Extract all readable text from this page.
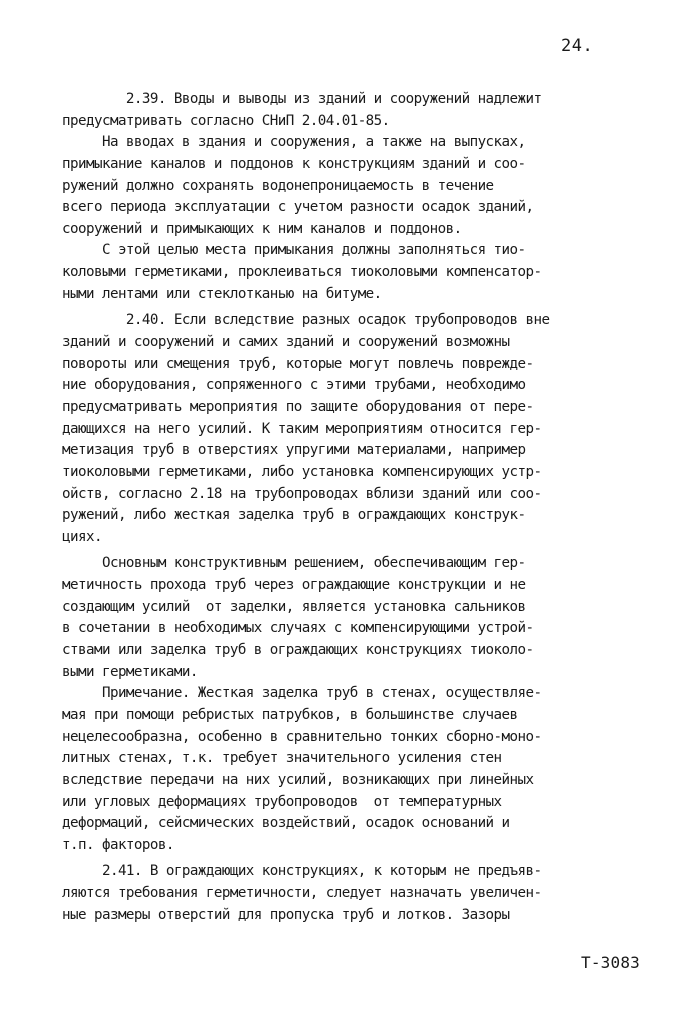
24.
2.39. Вводы и выводы из зданий и сооружений надлежит
предусматривать согласно СНиП 2.04.01-85.
На вводах в здания и сооружения, а также на выпусках,
примыкание каналов и поддонов к конструкциям зданий и соо-
ружений должно сохранять водонепроницаемость в течение
всего периода эксплуатации с учетом разности осадок зданий,
сооружений и примыкающих к ним каналов и поддонов.
С этой целью места примыкания должны заполняться тио-
коловыми герметиками, проклеиваться тиоколовыми компенсатор-
ными лентами или стеклотканью на битуме.
2.40. Если вследствие разных осадок трубопроводов вне
зданий и сооружений и самих зданий и сооружений возможны
повороты или смещения труб, которые могут повлечь поврежде-
ние оборудования, сопряженного с этими трубами, необходимо
предусматривать мероприятия по защите оборудования от пере-
дающихся на него усилий. К таким мероприятиям относится гер-
метизация труб в отверстиях упругими материалами, например
тиоколовыми герметиками, либо установка компенсирующих устр-
ойств, согласно 2.18 на трубопроводах вблизи зданий или соо-
ружений, либо жесткая заделка труб в ограждающих конструк-
циях.
Основным конструктивным решением, обеспечивающим гер-
метичность прохода труб через ограждающие конструкции и не
создающим усилий  от заделки, является установка сальников
в сочетании в необходимых случаях с компенсирующими устрой-
ствами или заделка труб в ограждающих конструкциях тиоколо-
выми герметиками.
Примечание. Жесткая заделка труб в стенах, осуществляе-
мая при помощи ребристых патрубков, в большинстве случаев
нецелесообразна, особенно в сравнительно тонких сборно-моно-
литных стенах, т.к. требует значительного усиления стен
вследствие передачи на них усилий, возникающих при линейных
или угловых деформациях трубопроводов  от температурных
деформаций, сейсмических воздействий, осадок оснований и
т.п. факторов.
2.41. В ограждающих конструкциях, к которым не предъяв-
ляются требования герметичности, следует назначать увеличен-
ные размеры отверстий для пропуска труб и лотков. Зазоры
Т-3083
